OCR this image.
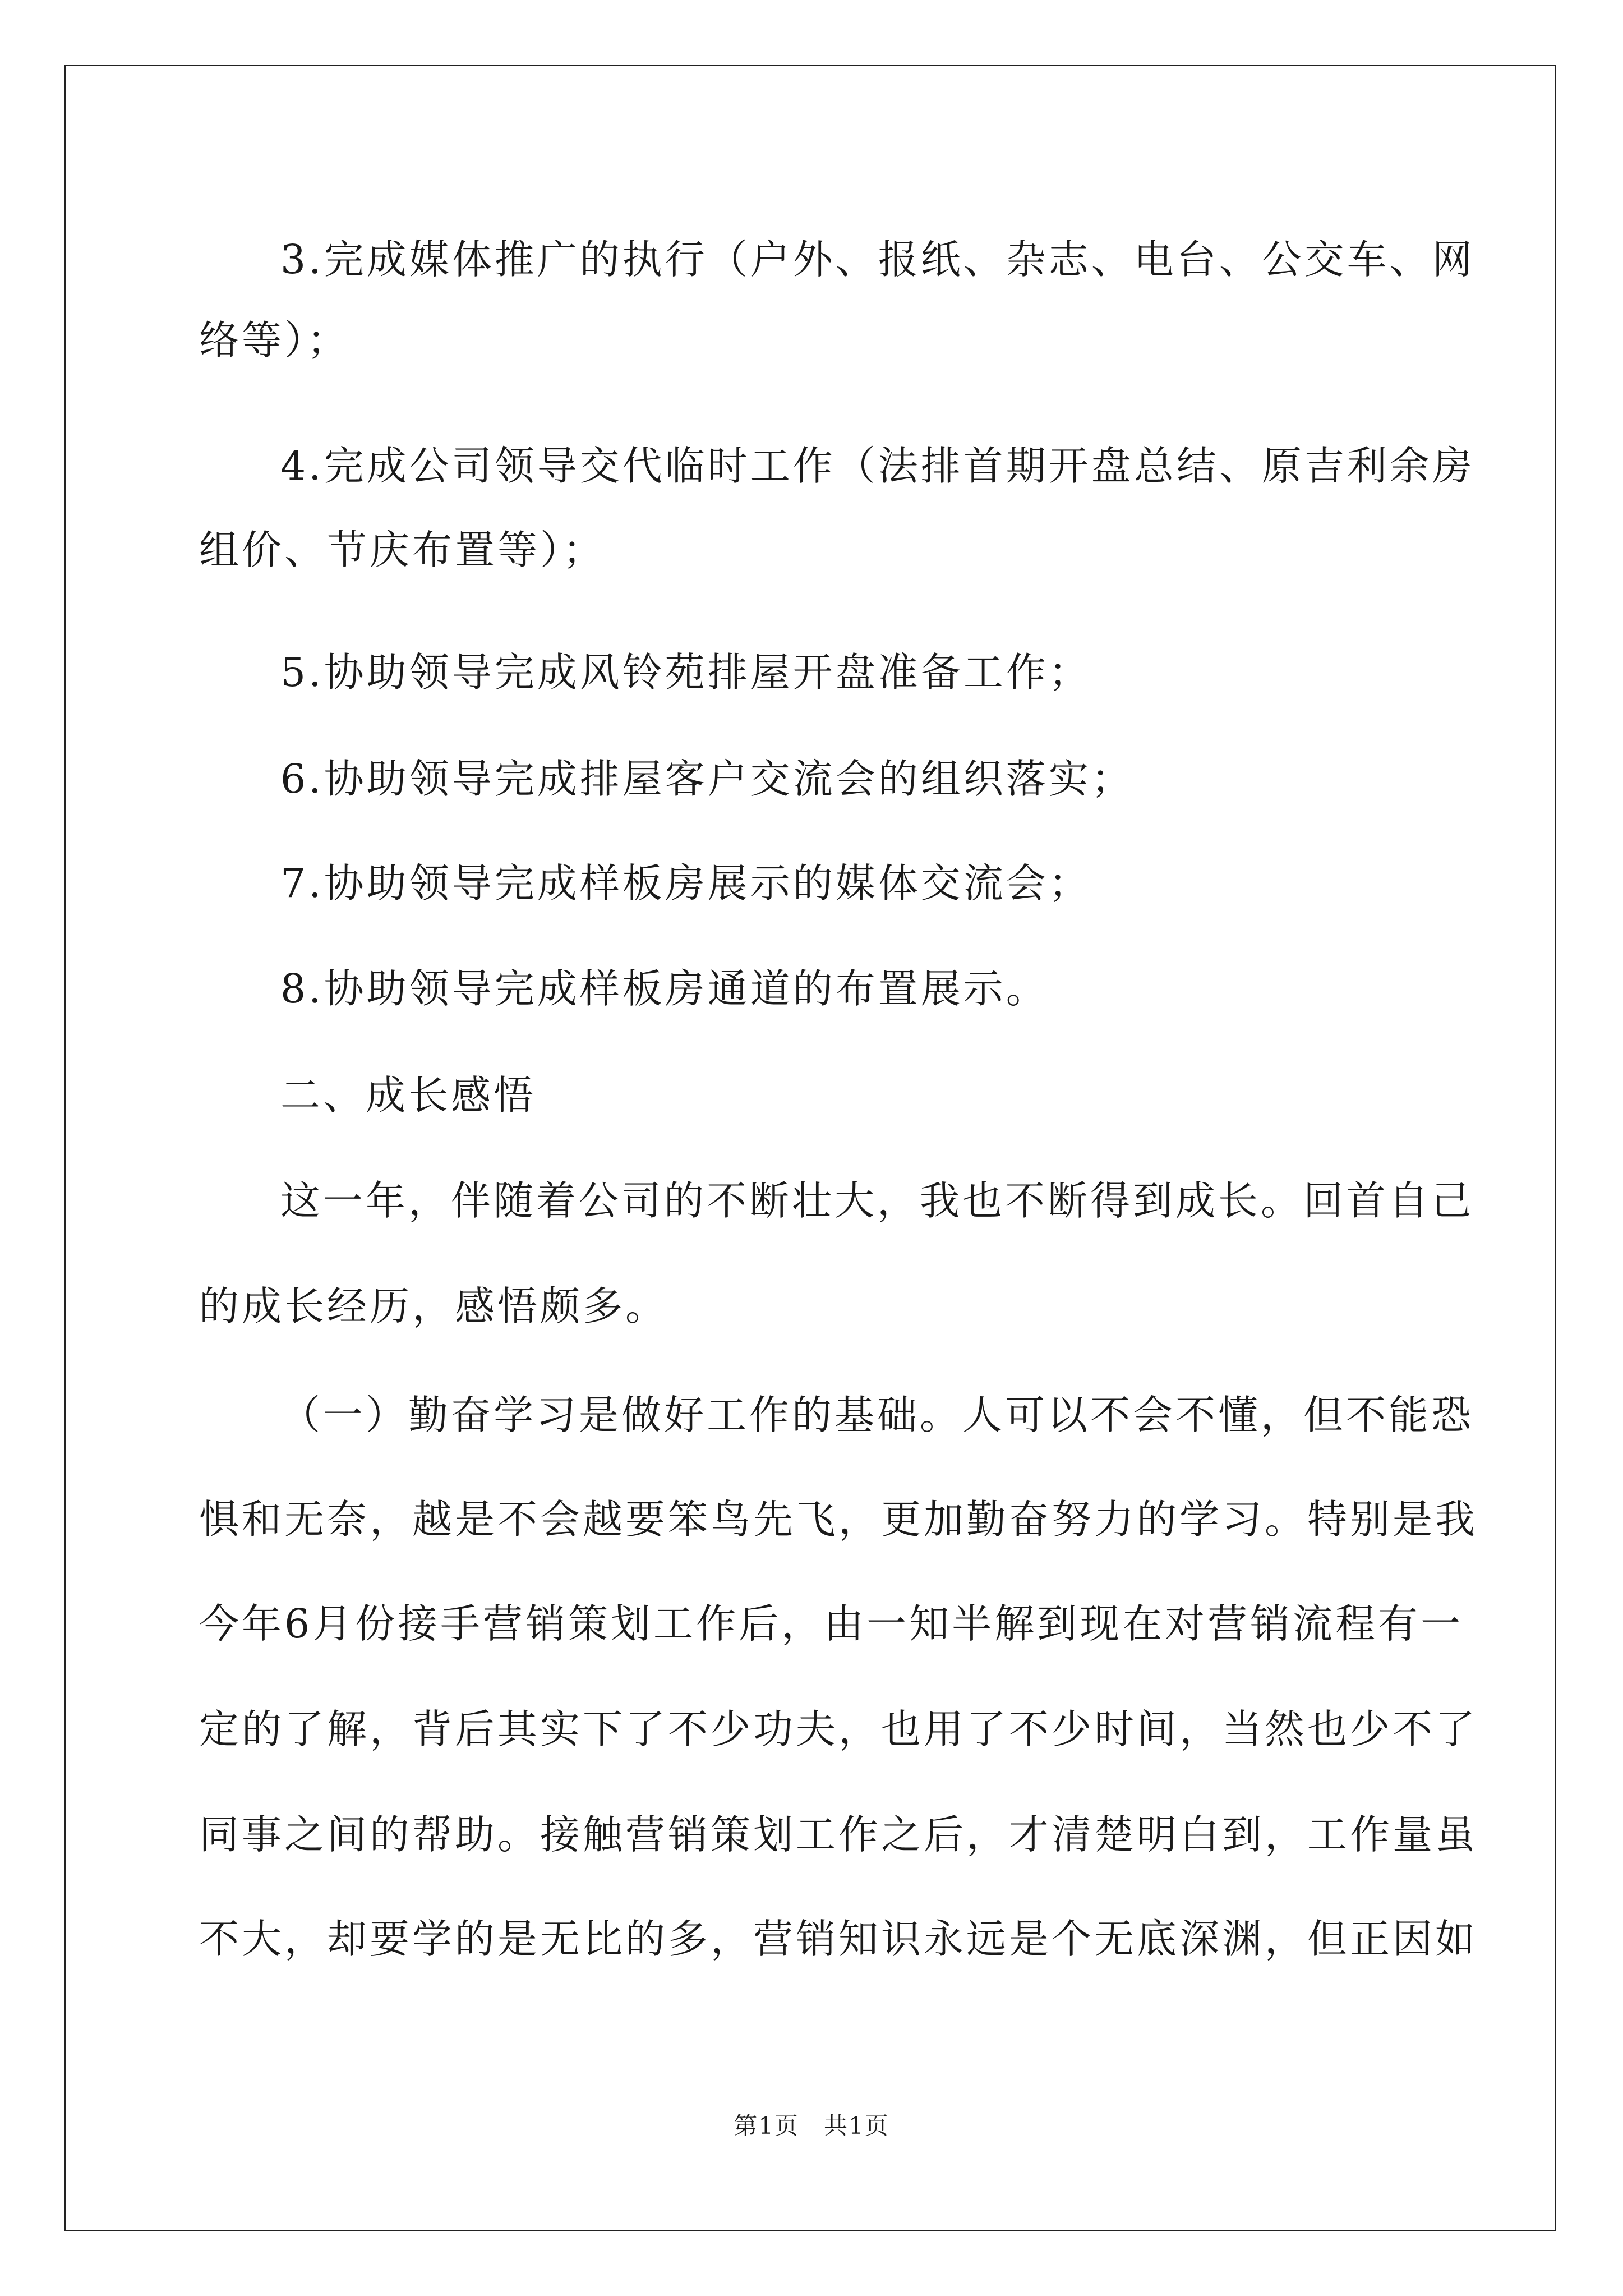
3.完成媒体推广的执行（户外、报纸、杂志、电台、公交车、网
络等）；
4.完成公司领导交代临时工作（法排首期开盘总结、原吉利余房
组价、节庆布置等）；
5.协助领导完成风铃苑排屋开盘准备工作；
6.协助领导完成排屋客户交流会的组织落实；
7.协助领导完成样板房展示的媒体交流会；
8.协助领导完成样板房通道的布置展示。
二、成长感悟
这一年，伴随着公司的不断壮大，我也不断得到成长。回首自己
的成长经历，感悟颇多。
（一）勤奋学习是做好工作的基础。人可以不会不懂，但不能恐
惧和无奈，越是不会越要笨鸟先飞，更加勤奋努力的学习。特别是我
今年6月份接手营销策划工作后，由一知半解到现在对营销流程有一
定的了解，背后其实下了不少功夫，也用了不少时间，当然也少不了
同事之间的帮助。接触营销策划工作之后，才清楚明白到，工作量虽
不大，却要学的是无比的多，营销知识永远是个无底深渊，但正因如
第1页　共1页
